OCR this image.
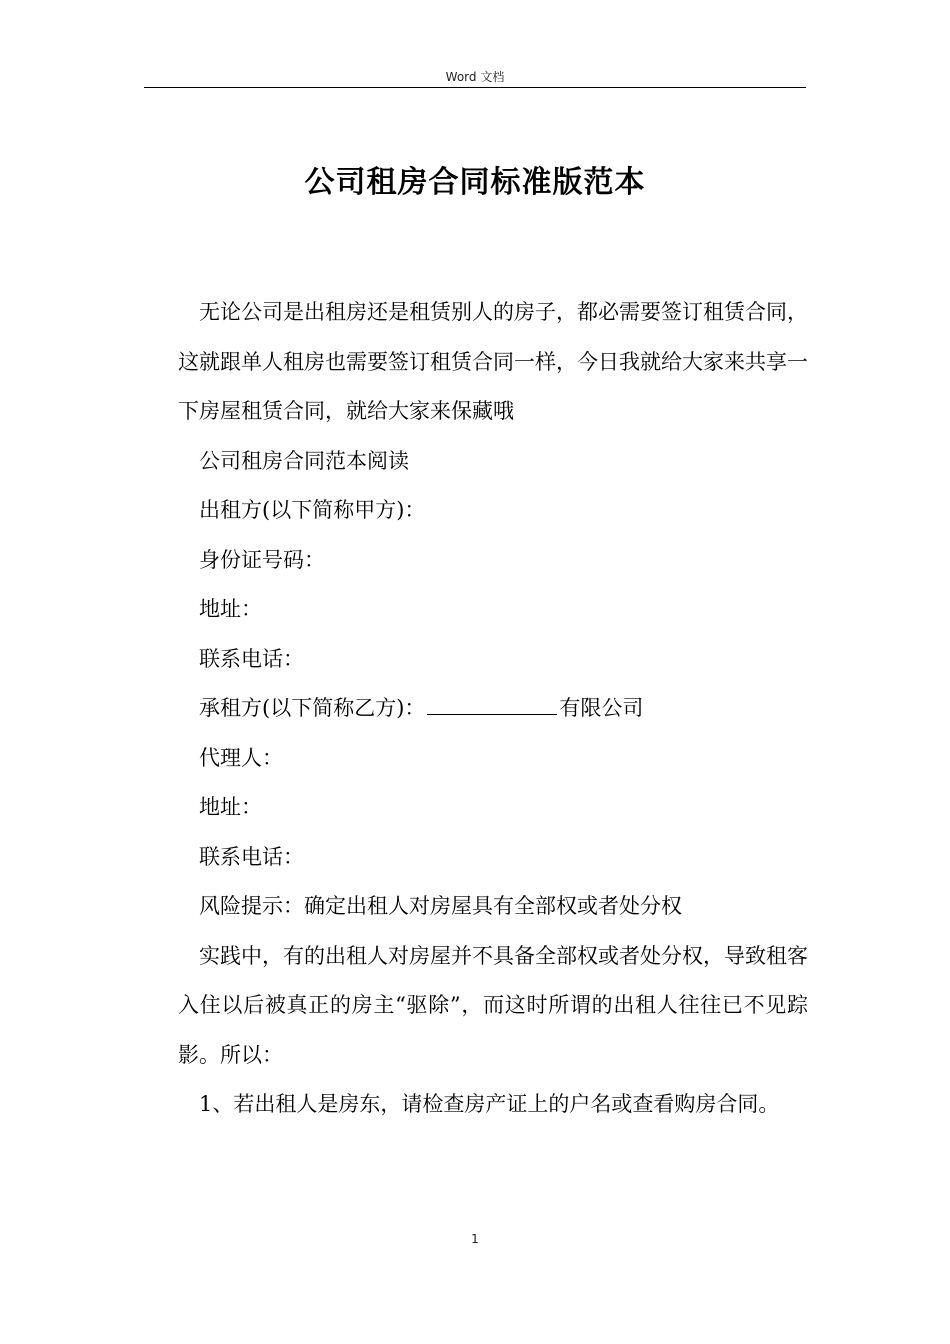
Word 文档
公司租房合同标准版范本

无论公司是出租房还是租赁别人的房子，都必需要签订租赁合同，这就跟单人租房也需要签订租赁合同一样，今日我就给大家来共享一下房屋租赁合同，就给大家来保藏哦

公司租房合同范本阅读

出租方(以下简称甲方)：

身份证号码：

地址：

联系电话：

承租方(以下简称乙方)：	有限公司

代理人：

地址：

联系电话：

风险提示：确定出租人对房屋具有全部权或者处分权

实践中，有的出租人对房屋并不具备全部权或者处分权，导致租客入住以后被真正的房主“驱除”，而这时所谓的出租人往往已不见踪影。所以：

1、若出租人是房东，请检查房产证上的户名或查看购房合同。

1
